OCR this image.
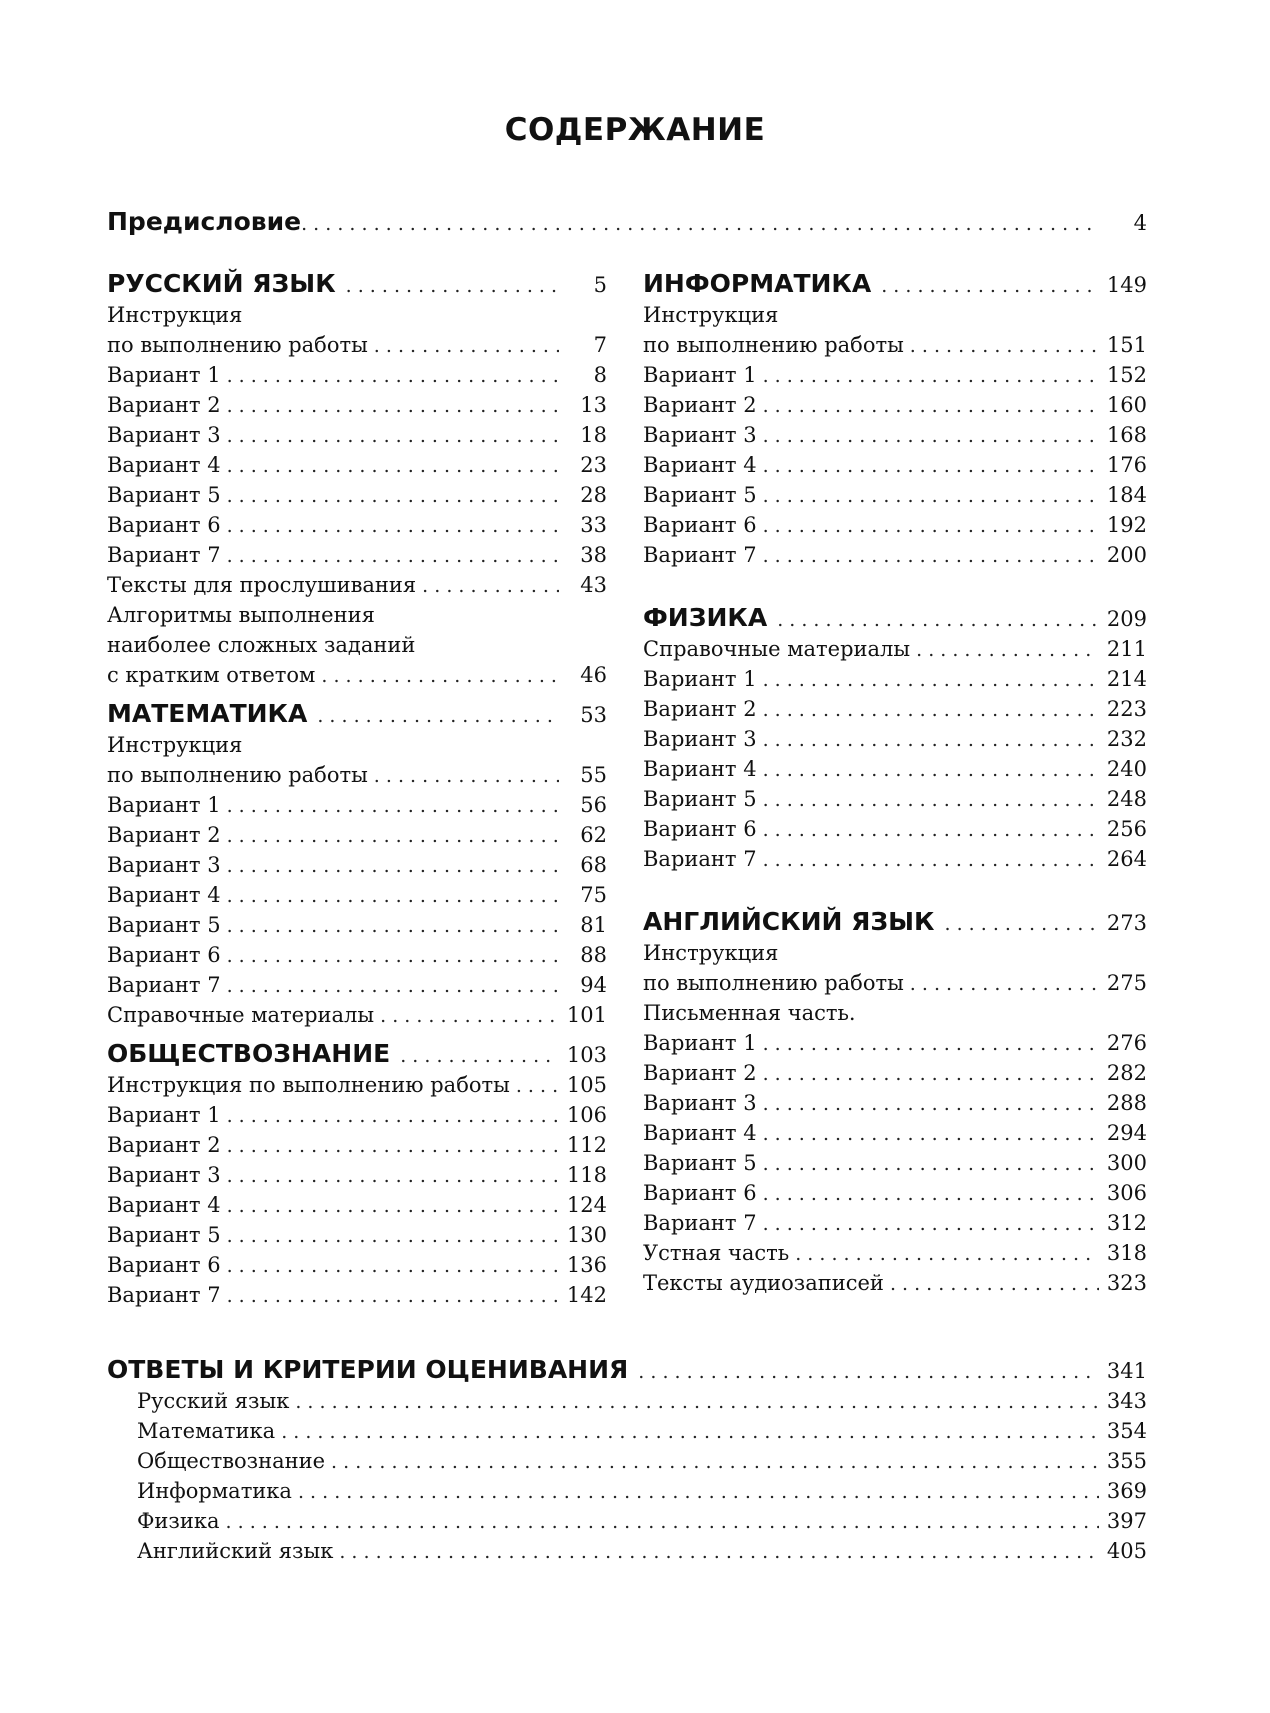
СОДЕРЖАНИЕ
Предисловие . . .	4
РУССКИЙ ЯЗЫК . . .	5
Инструкция
по выполнению работы . . .	7
Вариант 1 . . .	8
Вариант 2 . . .	13
Вариант 3 . . .	18
Вариант 4 . . .	23
Вариант 5 . . .	28
Вариант 6 . . .	33
Вариант 7 . . .	38
Тексты для прослушивания . . .	43
Алгоритмы выполнения
наиболее сложных заданий
с кратким ответом . . .	46
МАТЕМАТИКА . . .	53
Инструкция
по выполнению работы . . .	55
Вариант 1 . . .	56
Вариант 2 . . .	62
Вариант 3 . . .	68
Вариант 4 . . .	75
Вариант 5 . . .	81
Вариант 6 . . .	88
Вариант 7 . . .	94
Справочные материалы . . .	101
ОБЩЕСТВОЗНАНИЕ . . .	103
Инструкция по выполнению работы . . .	105
Вариант 1 . . .	106
Вариант 2 . . .	112
Вариант 3 . . .	118
Вариант 4 . . .	124
Вариант 5 . . .	130
Вариант 6 . . .	136
Вариант 7 . . .	142
ИНФОРМАТИКА . . .	149
Инструкция
по выполнению работы . . .	151
Вариант 1 . . .	152
Вариант 2 . . .	160
Вариант 3 . . .	168
Вариант 4 . . .	176
Вариант 5 . . .	184
Вариант 6 . . .	192
Вариант 7 . . .	200
ФИЗИКА . . .	209
Справочные материалы . . .	211
Вариант 1 . . .	214
Вариант 2 . . .	223
Вариант 3 . . .	232
Вариант 4 . . .	240
Вариант 5 . . .	248
Вариант 6 . . .	256
Вариант 7 . . .	264
АНГЛИЙСКИЙ ЯЗЫК . . .	273
Инструкция
по выполнению работы . . .	275
Письменная часть.
Вариант 1 . . .	276
Вариант 2 . . .	282
Вариант 3 . . .	288
Вариант 4 . . .	294
Вариант 5 . . .	300
Вариант 6 . . .	306
Вариант 7 . . .	312
Устная часть . . .	318
Тексты аудиозаписей . . .	323
ОТВЕТЫ И КРИТЕРИИ ОЦЕНИВАНИЯ . . .	341
Русский язык . . .	343
Математика . . .	354
Обществознание . . .	355
Информатика . . .	369
Физика . . .	397
Английский язык . . .	405
